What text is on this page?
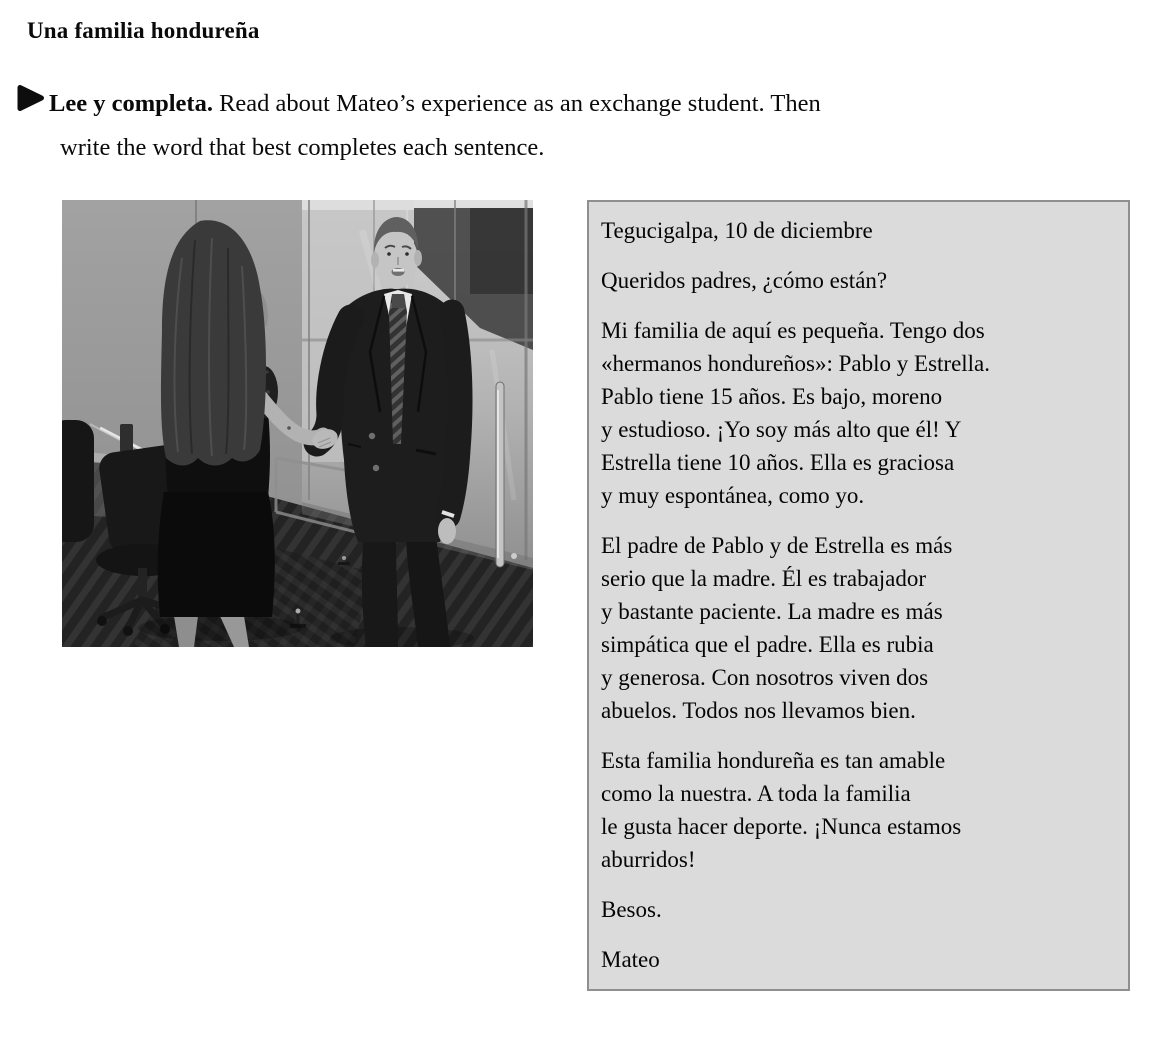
Una familia hondureña
Lee y completa. Read about Mateo’s experience as an exchange student. Then
write the word that best completes each sentence.

Tegucigalpa, 10 de diciembre

Queridos padres, ¿cómo están?

Mi familia de aquí es pequeña. Tengo dos
«hermanos hondureños»: Pablo y Estrella.
Pablo tiene 15 años. Es bajo, moreno
y estudioso. ¡Yo soy más alto que él! Y
Estrella tiene 10 años. Ella es graciosa
y muy espontánea, como yo.

El padre de Pablo y de Estrella es más
serio que la madre. Él es trabajador
y bastante paciente. La madre es más
simpática que el padre. Ella es rubia
y generosa. Con nosotros viven dos
abuelos. Todos nos llevamos bien.

Esta familia hondureña es tan amable
como la nuestra. A toda la familia
le gusta hacer deporte. ¡Nunca estamos
aburridos!

Besos.

Mateo
